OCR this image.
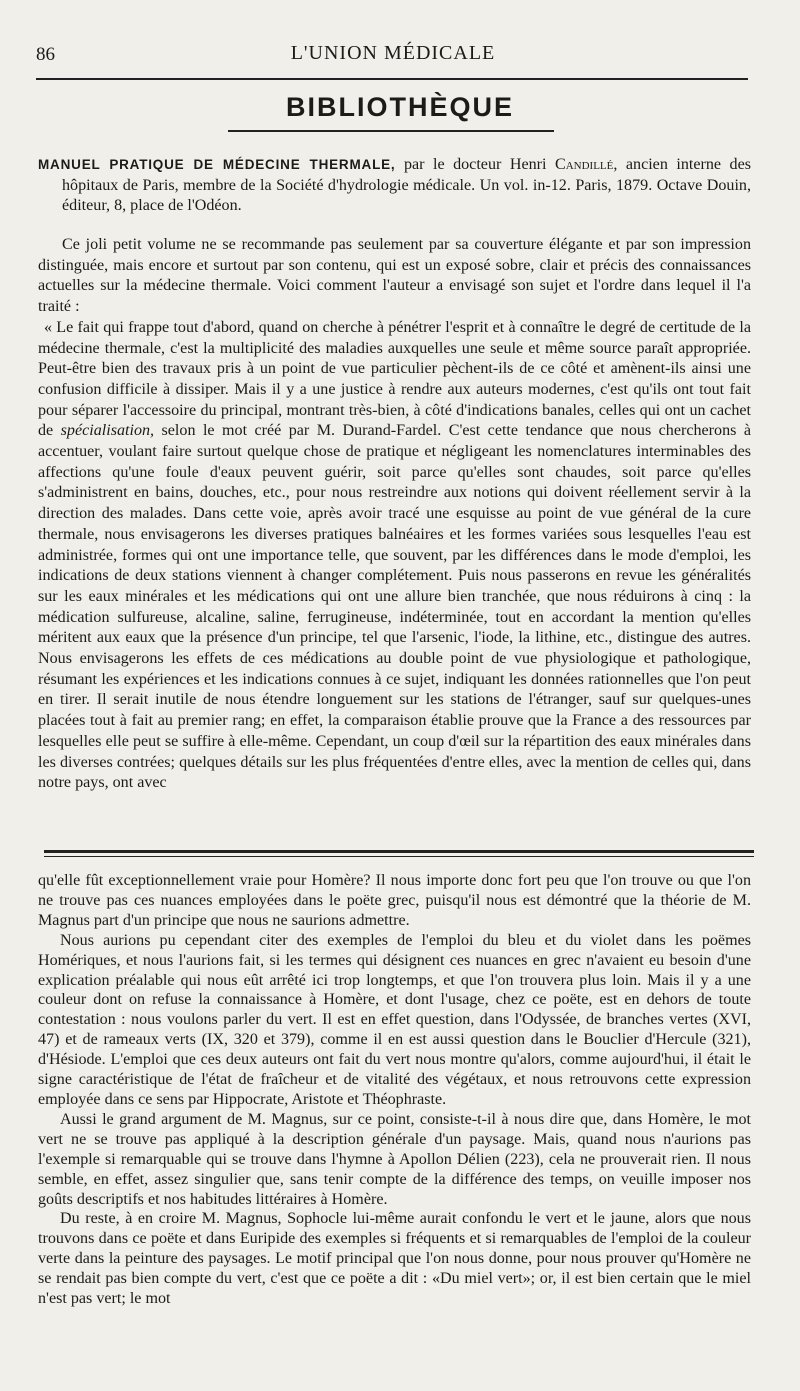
86	L'UNION MÉDICALE
BIBLIOTHÈQUE

MANUEL PRATIQUE DE MÉDECINE THERMALE, par le docteur Henri Candillé, ancien interne des hôpitaux de Paris, membre de la Société d'hydrologie médicale. Un vol. in-12. Paris, 1879. Octave Douin, éditeur, 8, place de l'Odéon.

Ce joli petit volume ne se recommande pas seulement par sa couverture élégante et par son impression distinguée, mais encore et surtout par son contenu, qui est un exposé sobre, clair et précis des connaissances actuelles sur la médecine thermale. Voici comment l'auteur a envisagé son sujet et l'ordre dans lequel il l'a traité :

« Le fait qui frappe tout d'abord, quand on cherche à pénétrer l'esprit et à connaître le degré de certitude de la médecine thermale, c'est la multiplicité des maladies auxquelles une seule et même source paraît appropriée. Peut-être bien des travaux pris à un point de vue particulier pèchent-ils de ce côté et amènent-ils ainsi une confusion difficile à dissiper. Mais il y a une justice à rendre aux auteurs modernes, c'est qu'ils ont tout fait pour séparer l'accessoire du principal, montrant très-bien, à côté d'indications banales, celles qui ont un cachet de spécialisation, selon le mot créé par M. Durand-Fardel. C'est cette tendance que nous chercherons à accentuer, voulant faire surtout quelque chose de pratique et négligeant les nomenclatures interminables des affections qu'une foule d'eaux peuvent guérir, soit parce qu'elles sont chaudes, soit parce qu'elles s'administrent en bains, douches, etc., pour nous restreindre aux notions qui doivent réellement servir à la direction des malades. Dans cette voie, après avoir tracé une esquisse au point de vue général de la cure thermale, nous envisagerons les diverses pratiques balnéaires et les formes variées sous lesquelles l'eau est administrée, formes qui ont une importance telle, que souvent, par les différences dans le mode d'emploi, les indications de deux stations viennent à changer complétement. Puis nous passerons en revue les généralités sur les eaux minérales et les médications qui ont une allure bien tranchée, que nous réduirons à cinq : la médication sulfureuse, alcaline, saline, ferrugineuse, indéterminée, tout en accordant la mention qu'elles méritent aux eaux que la présence d'un principe, tel que l'arsenic, l'iode, la lithine, etc., distingue des autres. Nous envisagerons les effets de ces médications au double point de vue physiologique et pathologique, résumant les expériences et les indications connues à ce sujet, indiquant les données rationnelles que l'on peut en tirer. Il serait inutile de nous étendre longuement sur les stations de l'étranger, sauf sur quelques-unes placées tout à fait au premier rang; en effet, la comparaison établie prouve que la France a des ressources par lesquelles elle peut se suffire à elle-même. Cependant, un coup d'œil sur la répartition des eaux minérales dans les diverses contrées; quelques détails sur les plus fréquentées d'entre elles, avec la mention de celles qui, dans notre pays, ont avec

qu'elle fût exceptionnellement vraie pour Homère? Il nous importe donc fort peu que l'on trouve ou que l'on ne trouve pas ces nuances employées dans le poëte grec, puisqu'il nous est démontré que la théorie de M. Magnus part d'un principe que nous ne saurions admettre.

Nous aurions pu cependant citer des exemples de l'emploi du bleu et du violet dans les poëmes Homériques, et nous l'aurions fait, si les termes qui désignent ces nuances en grec n'avaient eu besoin d'une explication préalable qui nous eût arrêté ici trop longtemps, et que l'on trouvera plus loin. Mais il y a une couleur dont on refuse la connaissance à Homère, et dont l'usage, chez ce poëte, est en dehors de toute contestation : nous voulons parler du vert. Il est en effet question, dans l'Odyssée, de branches vertes (XVI, 47) et de rameaux verts (IX, 320 et 379), comme il en est aussi question dans le Bouclier d'Hercule (321), d'Hésiode. L'emploi que ces deux auteurs ont fait du vert nous montre qu'alors, comme aujourd'hui, il était le signe caractéristique de l'état de fraîcheur et de vitalité des végétaux, et nous retrouvons cette expression employée dans ce sens par Hippocrate, Aristote et Théophraste.

Aussi le grand argument de M. Magnus, sur ce point, consiste-t-il à nous dire que, dans Homère, le mot vert ne se trouve pas appliqué à la description générale d'un paysage. Mais, quand nous n'aurions pas l'exemple si remarquable qui se trouve dans l'hymne à Apollon Délien (223), cela ne prouverait rien. Il nous semble, en effet, assez singulier que, sans tenir compte de la différence des temps, on veuille imposer nos goûts descriptifs et nos habitudes littéraires à Homère.

Du reste, à en croire M. Magnus, Sophocle lui-même aurait confondu le vert et le jaune, alors que nous trouvons dans ce poëte et dans Euripide des exemples si fréquents et si remarquables de l'emploi de la couleur verte dans la peinture des paysages. Le motif principal que l'on nous donne, pour nous prouver qu'Homère ne se rendait pas bien compte du vert, c'est que ce poëte a dit : «Du miel vert»; or, il est bien certain que le miel n'est pas vert; le mot
